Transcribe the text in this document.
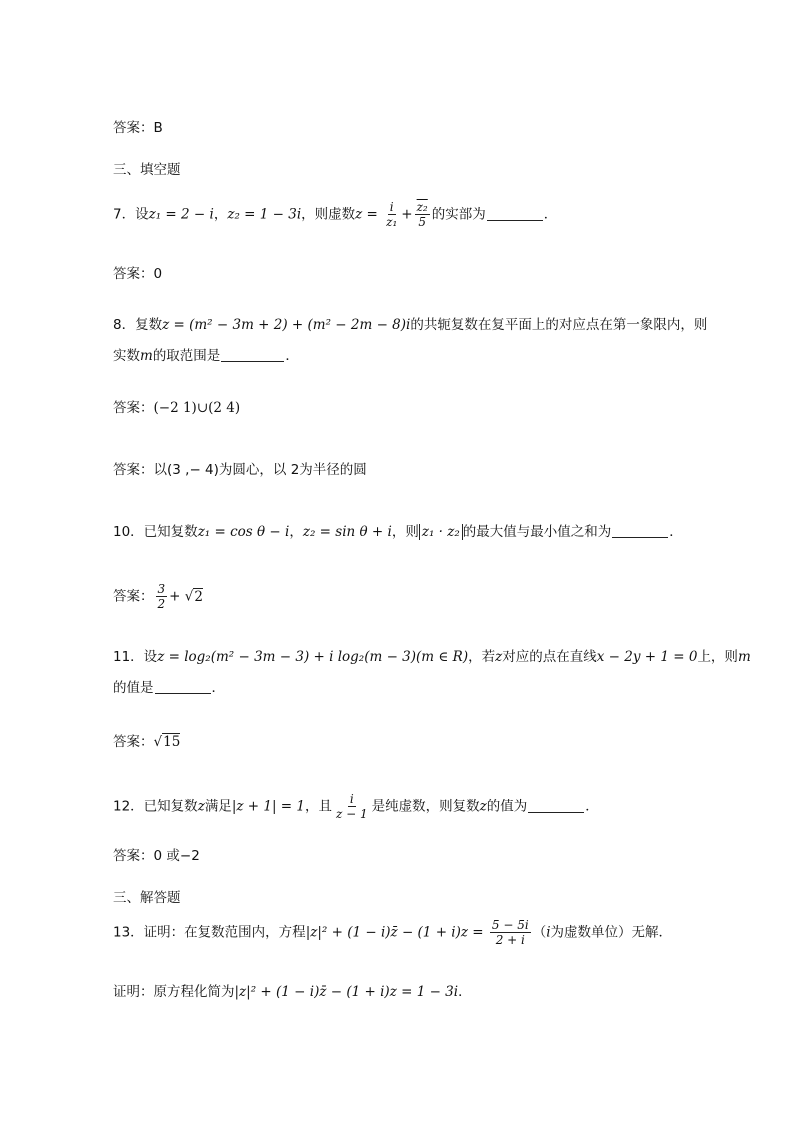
答案：B
三、填空题
7．设z₁ = 2 − i，z₂ = 1 − 3i，则虚数$z = \frac{i}{\text{z₁}} + \frac{\text{z₂}}{5}$ 的实部为	．
答案：0
8．复数z = (m² − 3m + 2) + (m² − 2m − 8)i的共轭复数在复平面上的对应点在第一象限内，则
实数m的取范围是	．
答案：(−2 1)∪(2 4)
答案：以(3 ,− 4)为圆心，以 2为半径的圆
10．已知复数z₁ = cos θ − i，z₂ = sin θ + i，则 z₁ · z₂ 的最大值与最小值之和为	．
答案： $\frac{3}{2} + √2$
11．设z = log₂(m² − 3m − 3) + i log₂(m − 3)(m ∈ R)，若z对应的点在直线x − 2y + 1 = 0上，则m
的值是	．
答案：√15
12．已知复数z满足|z + 1| = 1，且 $\frac{i}{z - 1}$ 是纯虚数，则复数z的值为	．
答案：0 或−2
三、解答题
13．证明：在复数范围内，方程|z|² + (1 − i)z̄ − $(1 + i)z = \frac{5 - 5i}{2 + i} (i$为虚数单位）无解．
证明：原方程化简为|z|² + (1 − i)z̄ − (1 + i)z = 1 − 3i．
